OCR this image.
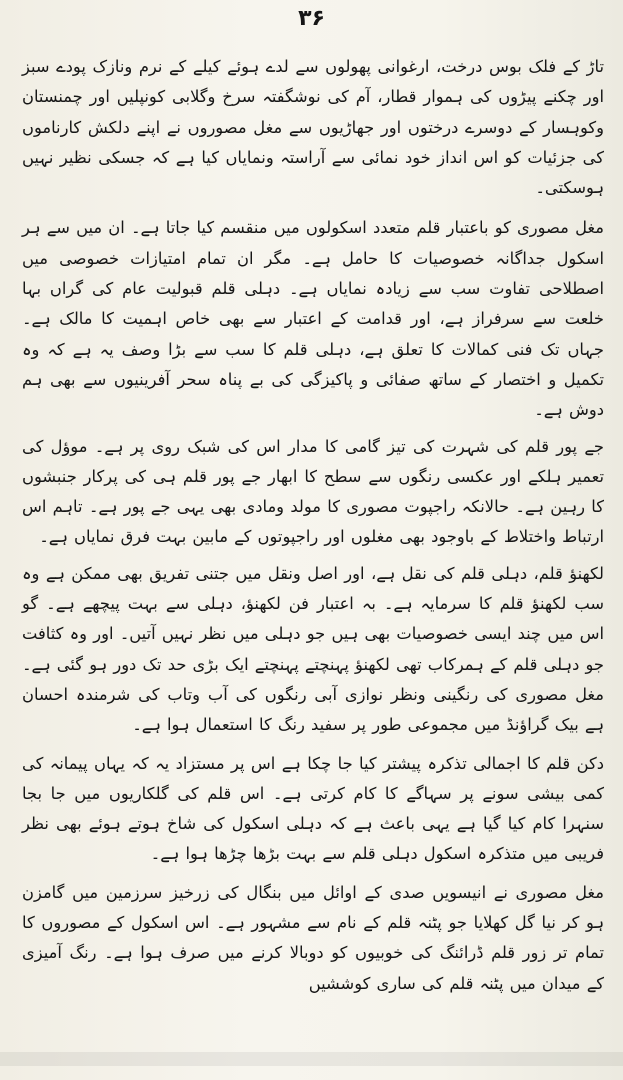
۳۶

تاڑ کے فلک بوس درخت، ارغوانی پھولوں سے لدے ہوئے کیلے کے نرم ونازک پودے سبز اور چکنے پیڑوں کی ہموار قطار، آم کی نوشگفتہ سرخ وگلابی کونپلیں اور چمنستان وکوہسار کے دوسرے درختوں اور جھاڑیوں سے مغل مصوروں نے اپنے دلکش کارناموں کی جزئیات کو اس انداز خود نمائی سے آراستہ ونمایاں کیا ہے کہ جسکی نظیر نہیں ہوسکتی۔

مغل مصوری کو باعتبار قلم متعدد اسکولوں میں منقسم کیا جاتا ہے۔ ان میں سے ہر اسکول جداگانہ خصوصیات کا حامل ہے۔ مگر ان تمام امتیازات خصوصی میں اصطلاحی تفاوت سب سے زیادہ نمایاں ہے۔ دہلی قلم قبولیت عام کی گراں بہا خلعت سے سرفراز ہے، اور قدامت کے اعتبار سے بھی خاص اہمیت کا مالک ہے۔ جہاں تک فنی کمالات کا تعلق ہے، دہلی قلم کا سب سے بڑا وصف یہ ہے کہ وہ تکمیل و اختصار کے ساتھ صفائی و پاکیزگی کی بے پناہ سحر آفرینیوں سے بھی ہم دوش ہے۔

جے پور قلم کی شہرت کی تیز گامی کا مدار اس کی شبک روی پر ہے۔ موؤل کی تعمیر ہلکے اور عکسی رنگوں سے سطح کا ابھار جے پور قلم ہی کی پرکار جنبشوں کا رہین ہے۔ حالانکہ راجپوت مصوری کا مولد ومادی بھی یہی جے پور ہے۔ تاہم اس ارتباط واختلاط کے باوجود بھی مغلوں اور راجپوتوں کے مابین بہت فرق نمایاں ہے۔

لکھنؤ قلم، دہلی قلم کی نقل ہے، اور اصل ونقل میں جتنی تفریق بھی ممکن ہے وہ سب لکھنؤ قلم کا سرمایہ ہے۔ بہ اعتبار فن لکھنؤ، دہلی سے بہت پیچھے ہے۔ گو اس میں چند ایسی خصوصیات بھی ہیں جو دہلی میں نظر نہیں آتیں۔ اور وہ کثافت جو دہلی قلم کے ہمرکاب تھی لکھنؤ پہنچتے پہنچتے ایک بڑی حد تک دور ہو گئی ہے۔ مغل مصوری کی رنگینی ونظر نوازی آبی رنگوں کی آب وتاب کی شرمندہ احسان ہے بیک گراؤنڈ میں مجموعی طور پر سفید رنگ کا استعمال ہوا ہے۔

دکن قلم کا اجمالی تذکرہ پیشتر کیا جا چکا ہے اس پر مستزاد یہ کہ یہاں پیمانہ کی کمی بیشی سونے پر سہاگے کا کام کرتی ہے۔ اس قلم کی گلکاریوں میں جا بجا سنہرا کام کیا گیا ہے یہی باعث ہے کہ دہلی اسکول کی شاخ ہوتے ہوئے بھی نظر فریبی میں متذکرہ اسکول دہلی قلم سے بہت بڑھا چڑھا ہوا ہے۔

مغل مصوری نے انیسویں صدی کے اوائل میں بنگال کی زرخیز سرزمین میں گامزن ہو کر نیا گل کھلایا جو پٹنہ قلم کے نام سے مشہور ہے۔ اس اسکول کے مصوروں کا تمام تر زور قلم ڈرائنگ کی خوبیوں کو دوبالا کرنے میں صرف ہوا ہے۔ رنگ آمیزی کے میدان میں پٹنہ قلم کی ساری کوششیں
